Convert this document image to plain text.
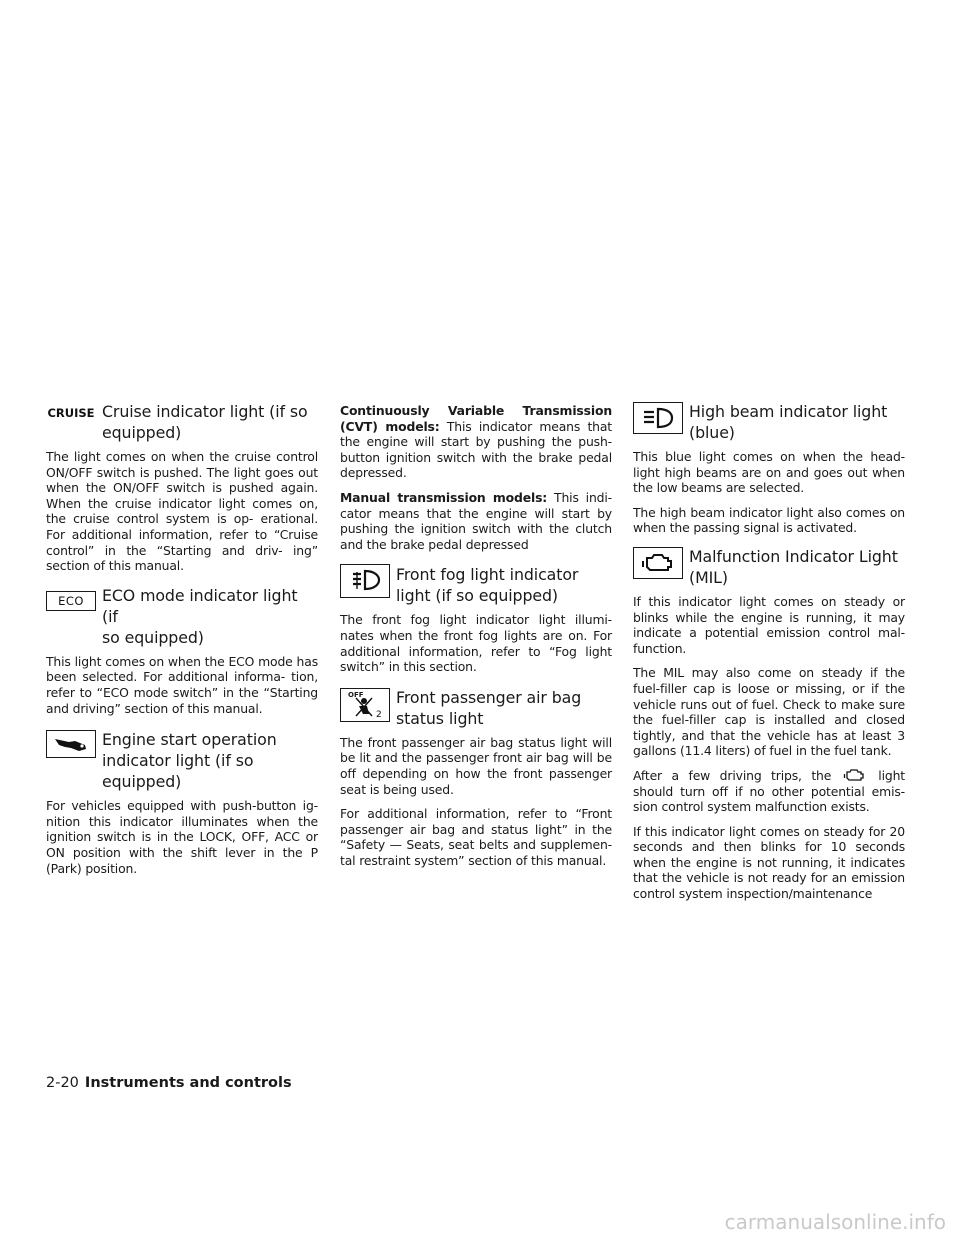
CRUISE Cruise indicator light (if so
equipped)

The light comes on when the cruise control ON/OFF switch is pushed. The light goes out when the ON/OFF switch is pushed again. When the cruise indicator light comes on, the cruise control system is op- erational. For additional information, refer to “Cruise control” in the “Starting and driv- ing” section of this manual.

ECO ECO mode indicator light (if
so equipped)

This light comes on when the ECO mode has been selected. For additional informa- tion, refer to “ECO mode switch” in the “Starting and driving” section of this manual.

Engine start operation
indicator light (if so
equipped)

For vehicles equipped with push-button ig- nition this indicator illuminates when the ignition switch is in the LOCK, OFF, ACC or ON position with the shift lever in the P (Park) position.

Continuously Variable Transmission (CVT) models: This indicator means that the engine will start by pushing the push- button ignition switch with the brake pedal depressed.

Manual transmission models: This indi- cator means that the engine will start by pushing the ignition switch with the clutch and the brake pedal depressed

Front fog light indicator
light (if so equipped)

The front fog light indicator light illumi- nates when the front fog lights are on. For additional information, refer to “Fog light switch” in this section.

OFF
2
Front passenger air bag
status light

The front passenger air bag status light will be lit and the passenger front air bag will be off depending on how the front passenger seat is being used.

For additional information, refer to “Front passenger air bag and status light” in the “Safety — Seats, seat belts and supplemen- tal restraint system” section of this manual.

High beam indicator light
(blue)

This blue light comes on when the head- light high beams are on and goes out when the low beams are selected.

The high beam indicator light also comes on when the passing signal is activated.

Malfunction Indicator Light
(MIL)

If this indicator light comes on steady or blinks while the engine is running, it may indicate a potential emission control mal- function.

The MIL may also come on steady if the fuel-filler cap is loose or missing, or if the vehicle runs out of fuel. Check to make sure the fuel-filler cap is installed and closed tightly, and that the vehicle has at least 3 gallons (11.4 liters) of fuel in the fuel tank.

After a few driving trips, the	light should turn off if no other potential emis- sion control system malfunction exists.

If this indicator light comes on steady for 20 seconds and then blinks for 10 seconds when the engine is not running, it indicates that the vehicle is not ready for an emission control system inspection/maintenance

2-20 Instruments and controls
carmanualsonline.info
